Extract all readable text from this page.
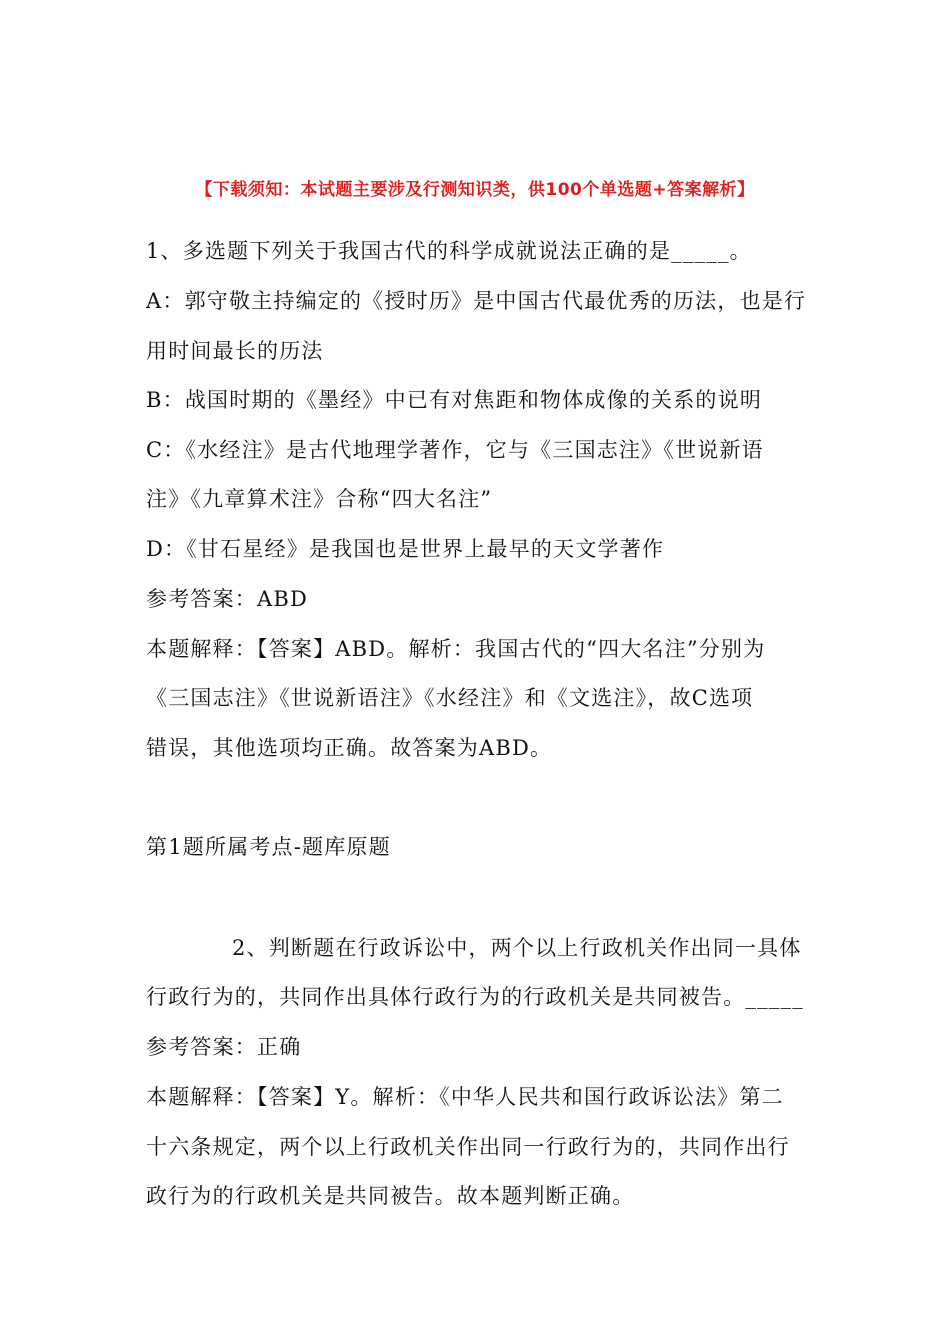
【下载须知：本试题主要涉及行测知识类，供100个单选题+答案解析】
1、多选题下列关于我国古代的科学成就说法正确的是_____。
A：郭守敬主持编定的《授时历》是中国古代最优秀的历法，也是行
用时间最长的历法
B：战国时期的《墨经》中已有对焦距和物体成像的关系的说明
C：《水经注》是古代地理学著作，它与《三国志注》《世说新语
注》《九章算术注》合称“四大名注”
D：《甘石星经》是我国也是世界上最早的天文学著作
参考答案：ABD
本题解释：【答案】ABD。解析：我国古代的“四大名注”分别为
《三国志注》《世说新语注》《水经注》和《文选注》，故C选项
错误，其他选项均正确。故答案为ABD。
第1题所属考点-题库原题
2、判断题在行政诉讼中，两个以上行政机关作出同一具体
行政行为的，共同作出具体行政行为的行政机关是共同被告。_____
参考答案：正确
本题解释：【答案】Y。解析：《中华人民共和国行政诉讼法》第二
十六条规定，两个以上行政机关作出同一行政行为的，共同作出行
政行为的行政机关是共同被告。故本题判断正确。
